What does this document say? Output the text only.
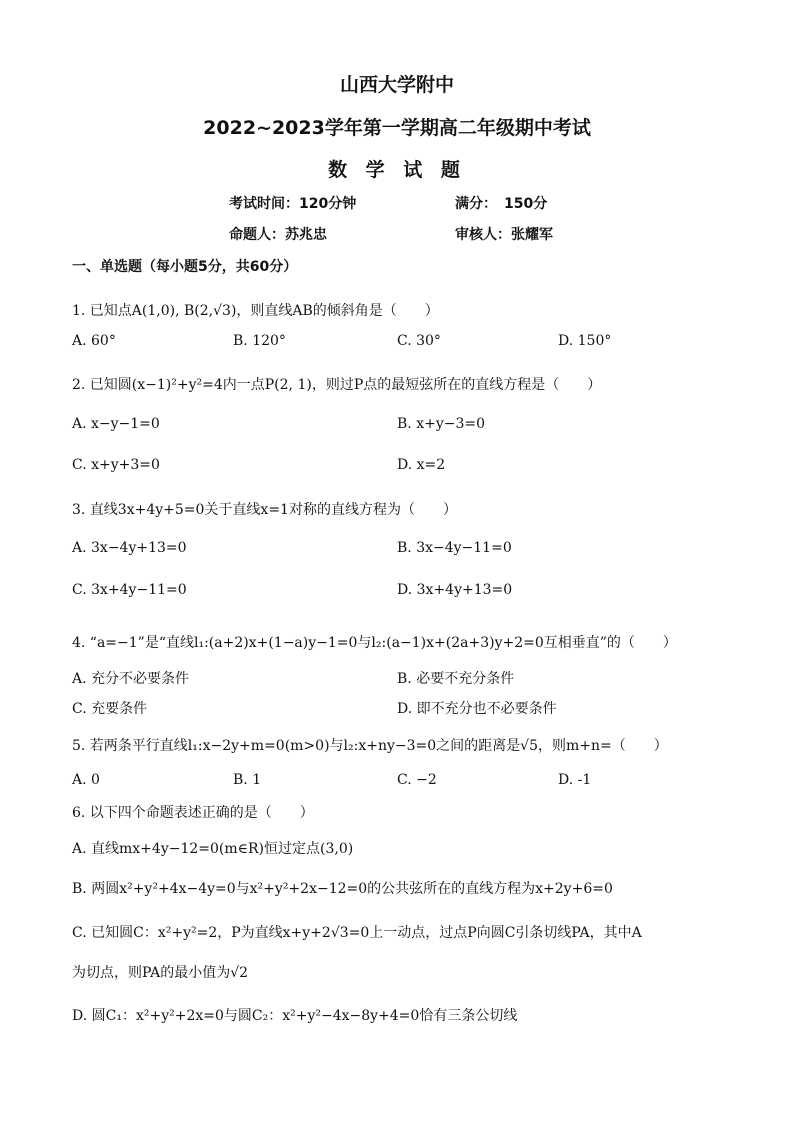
山西大学附中
2022~2023学年第一学期高二年级期中考试
数 学 试 题
考试时间：120分钟	满分：　150分
命题人：苏兆忠	审核人：张耀军
一、单选题（每小题5分，共60分）
1. 已知点A(1,0), B(2,√3)，则直线AB的倾斜角是（　　）
A. 60°	B. 120°	C. 30°	D. 150°
2. 已知圆(x−1)²+y²=4内一点P(2, 1)，则过P点的最短弦所在的直线方程是（　　）
A. x−y−1=0	B. x+y−3=0
C. x+y+3=0	D. x=2
3. 直线3x+4y+5=0关于直线x=1对称的直线方程为（　　）
A. 3x−4y+13=0	B. 3x−4y−11=0
C. 3x+4y−11=0	D. 3x+4y+13=0
4. “a=−1”是“直线l₁:(a+2)x+(1−a)y−1=0与l₂:(a−1)x+(2a+3)y+2=0互相垂直”的（　　）
A. 充分不必要条件	B. 必要不充分条件
C. 充要条件	D. 即不充分也不必要条件
5. 若两条平行直线l₁:x−2y+m=0(m>0)与l₂:x+ny−3=0之间的距离是√5，则m+n=（　　）
A. 0	B. 1	C. −2	D. -1
6. 以下四个命题表述正确的是（　　）
A. 直线mx+4y−12=0(m∈R)恒过定点(3,0)
B. 两圆x²+y²+4x−4y=0与x²+y²+2x−12=0的公共弦所在的直线方程为x+2y+6=0
C. 已知圆C：x²+y²=2，P为直线x+y+2√3=0上一动点，过点P向圆C引条切线PA，其中A
为切点，则PA的最小值为√2
D. 圆C₁：x²+y²+2x=0与圆C₂：x²+y²−4x−8y+4=0恰有三条公切线
